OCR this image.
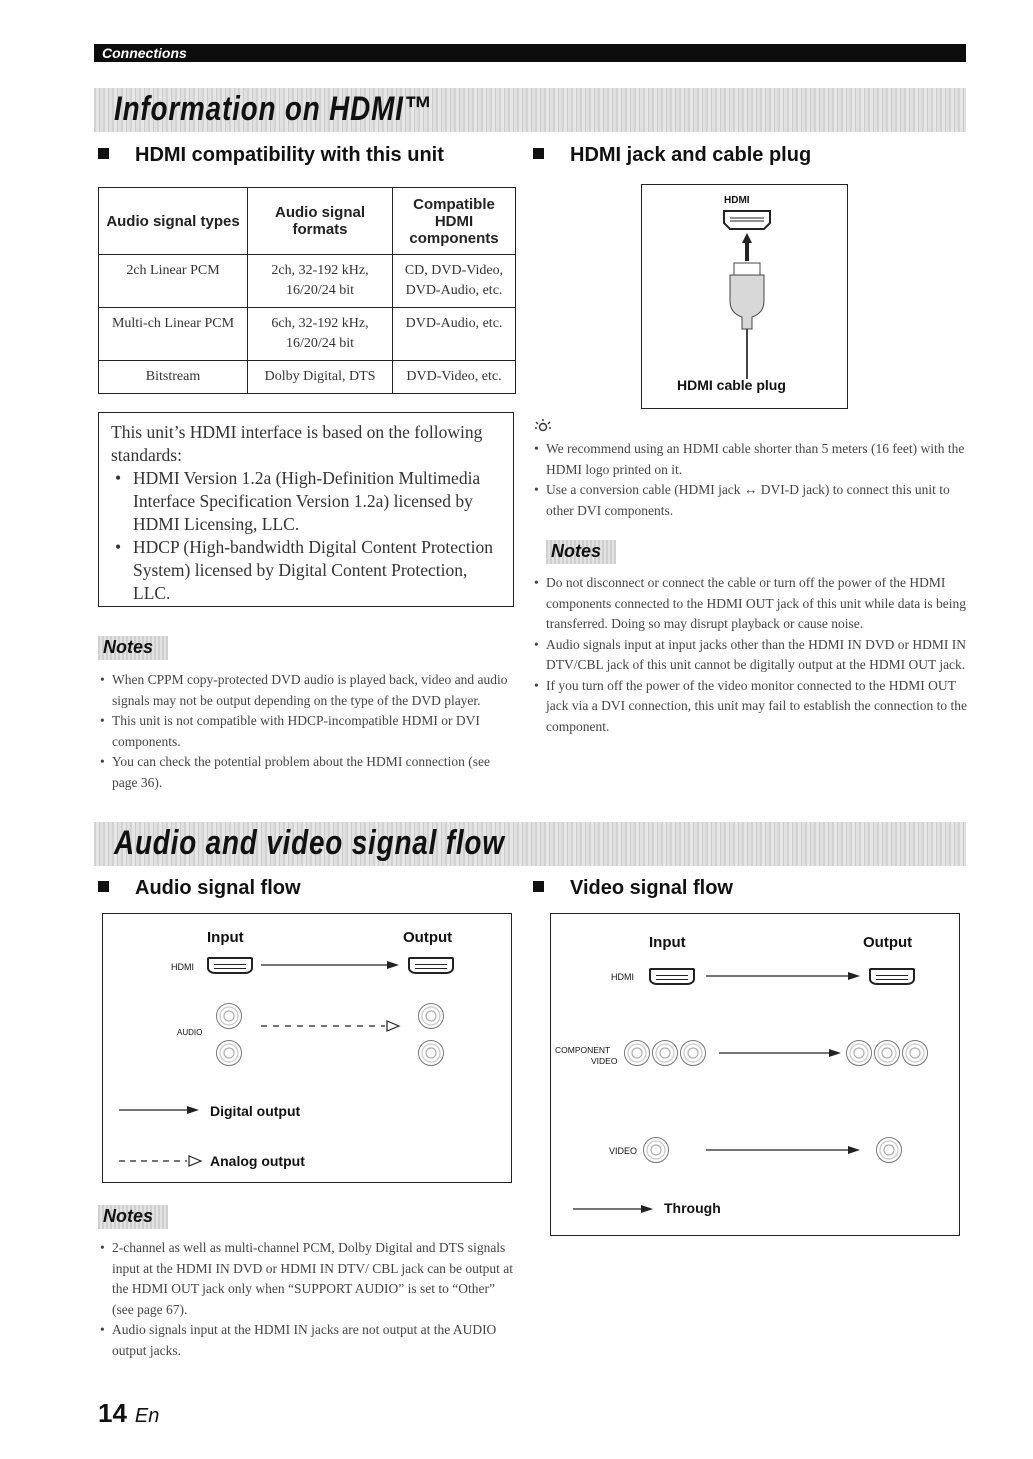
Connections
Information on HDMI™
HDMI compatibility with this unit
Audio signal types	Audio signal formats	Compatible HDMI components
2ch Linear PCM	2ch, 32-192 kHz, 16/20/24 bit	CD, DVD-Video, DVD-Audio, etc.
Multi-ch Linear PCM	6ch, 32-192 kHz, 16/20/24 bit	DVD-Audio, etc.
Bitstream	Dolby Digital, DTS	DVD-Video, etc.
This unit’s HDMI interface is based on the following standards:
• HDMI Version 1.2a (High-Definition Multimedia Interface Specification Version 1.2a) licensed by HDMI Licensing, LLC.
• HDCP (High-bandwidth Digital Content Protection System) licensed by Digital Content Protection, LLC.
Notes
• When CPPM copy-protected DVD audio is played back, video and audio signals may not be output depending on the type of the DVD player.
• This unit is not compatible with HDCP-incompatible HDMI or DVI components.
• You can check the potential problem about the HDMI connection (see page 36).
HDMI jack and cable plug
HDMI
HDMI cable plug
• We recommend using an HDMI cable shorter than 5 meters (16 feet) with the HDMI logo printed on it.
• Use a conversion cable (HDMI jack ↔ DVI-D jack) to connect this unit to other DVI components.
Notes
• Do not disconnect or connect the cable or turn off the power of the HDMI components connected to the HDMI OUT jack of this unit while data is being transferred. Doing so may disrupt playback or cause noise.
• Audio signals input at input jacks other than the HDMI IN DVD or HDMI IN DTV/CBL jack of this unit cannot be digitally output at the HDMI OUT jack.
• If you turn off the power of the video monitor connected to the HDMI OUT jack via a DVI connection, this unit may fail to establish the connection to the component.
Audio and video signal flow
Audio signal flow
Input	Output
HDMI
AUDIO
Digital output
Analog output
Notes
• 2-channel as well as multi-channel PCM, Dolby Digital and DTS signals input at the HDMI IN DVD or HDMI IN DTV/ CBL jack can be output at the HDMI OUT jack only when “SUPPORT AUDIO” is set to “Other” (see page 67).
• Audio signals input at the HDMI IN jacks are not output at the AUDIO output jacks.
Video signal flow
Input	Output
HDMI
COMPONENT
VIDEO
VIDEO
Through
14 En
